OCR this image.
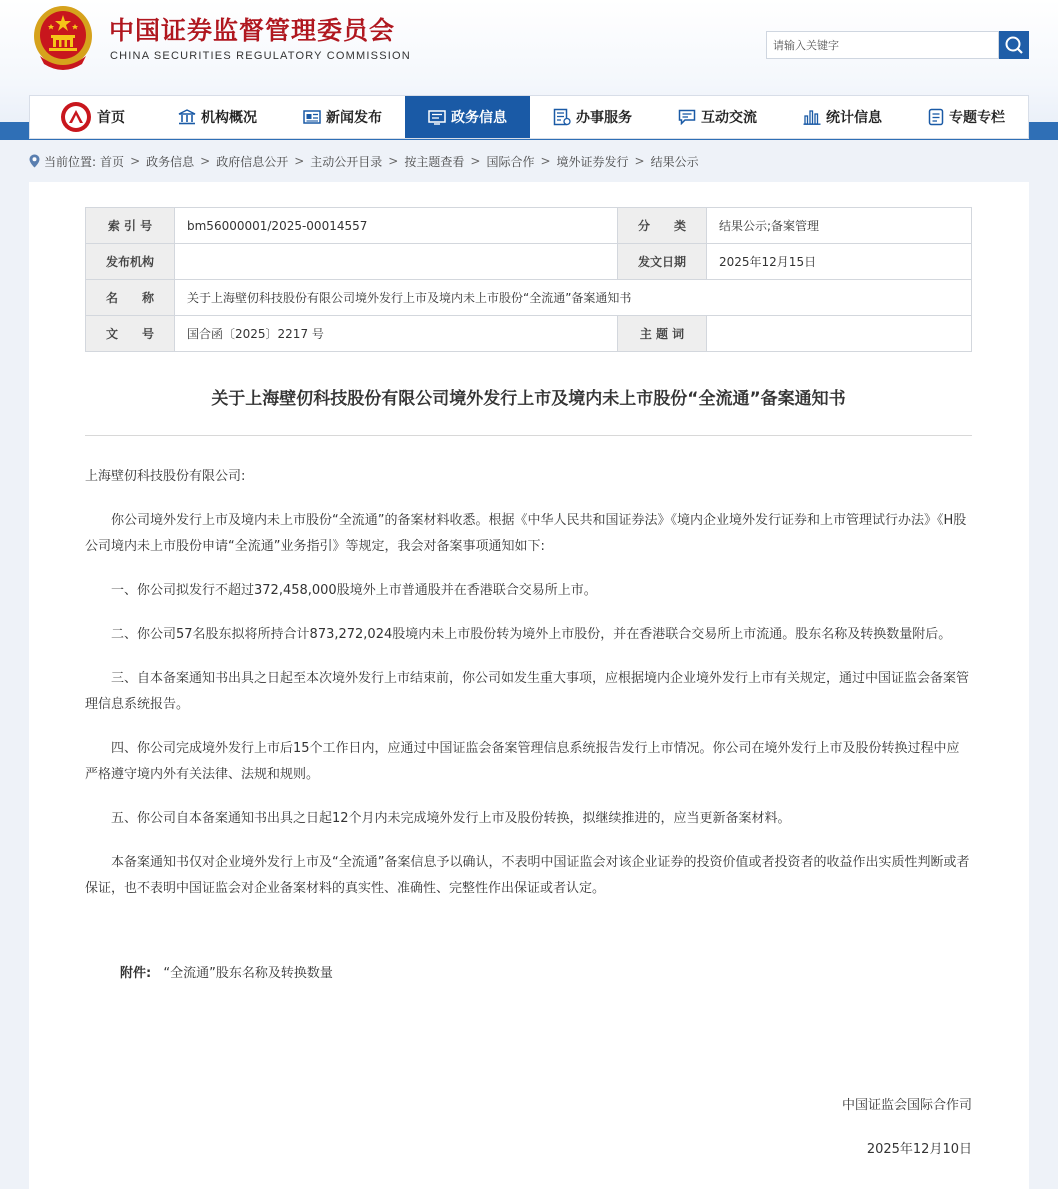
中国证券监督管理委员会
CHINA SECURITIES REGULATORY COMMISSION
请输入关键字
首页	机构概况	新闻发布	政务信息	办事服务	互动交流	统计信息	专题专栏
当前位置: 首页 > 政务信息 > 政府信息公开 > 主动公开目录 > 按主题查看 > 国际合作 > 境外证券发行 > 结果公示
索 引 号	bm56000001/2025-00014557	分　　类	结果公示;备案管理
发布机构		发文日期	2025年12月15日
名　　称	关于上海壁仞科技股份有限公司境外发行上市及境内未上市股份“全流通”备案通知书		
文　　号	国合函〔2025〕2217 号	主 题 词	
关于上海壁仞科技股份有限公司境外发行上市及境内未上市股份“全流通”备案通知书

上海壁仞科技股份有限公司:

你公司境外发行上市及境内未上市股份“全流通”的备案材料收悉。根据《中华人民共和国证券法》《境内企业境外发行证券和上市管理试行办法》《H股公司境内未上市股份申请“全流通”业务指引》等规定，我会对备案事项通知如下:

一、你公司拟发行不超过372,458,000股境外上市普通股并在香港联合交易所上市。

二、你公司57名股东拟将所持合计873,272,024股境内未上市股份转为境外上市股份，并在香港联合交易所上市流通。股东名称及转换数量附后。

三、自本备案通知书出具之日起至本次境外发行上市结束前，你公司如发生重大事项，应根据境内企业境外发行上市有关规定，通过中国证监会备案管理信息系统报告。

四、你公司完成境外发行上市后15个工作日内，应通过中国证监会备案管理信息系统报告发行上市情况。你公司在境外发行上市及股份转换过程中应严格遵守境内外有关法律、法规和规则。

五、你公司自本备案通知书出具之日起12个月内未完成境外发行上市及股份转换，拟继续推进的，应当更新备案材料。

本备案通知书仅对企业境外发行上市及“全流通”备案信息予以确认，不表明中国证监会对该企业证券的投资价值或者投资者的收益作出实质性判断或者保证，也不表明中国证监会对企业备案材料的真实性、准确性、完整性作出保证或者认定。

附件: “全流通”股东名称及转换数量
中国证监会国际合作司
2025年12月10日
